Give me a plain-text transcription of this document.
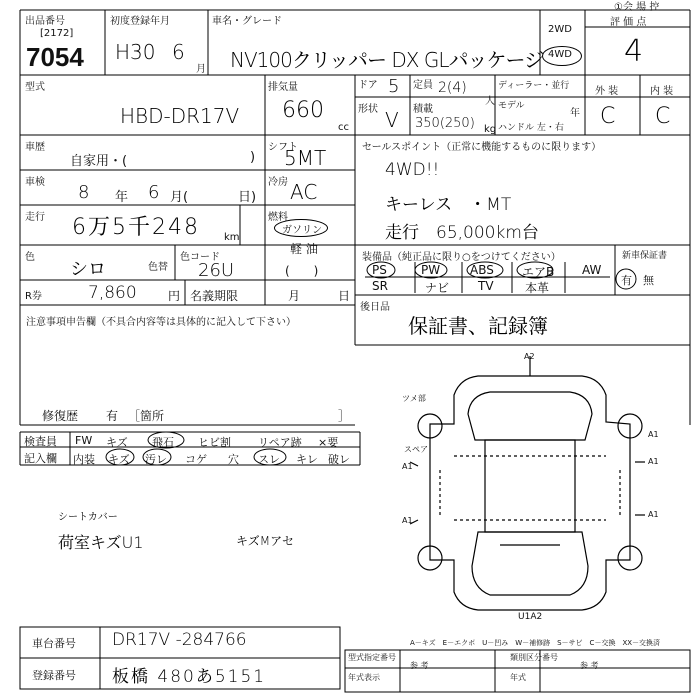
①会 場 控
出品番号
[2172]
7054
初度登録年月
H30 6
月
車名・グレード
NV100クリッパー DX GLパッケージ
2WD
4WD
評 価 点
4
型式
HBD-DR17V
排気量
660
cc
ドア 5 定員 2(4)
人
ディーラー・並行
モデル
年
形状 V 積載
350(250) kg ハンドル 左・右
外 装	内 装
C C
車歴
自家用・(	)
シフト
5MT	セールスポイント（正常に機能するものに限ります）
4WD!!
キーレス　・MT
走行　65,000km台
車検 8 年 6 月(	日)
冷房 AC
走行 6万5千248 km
燃料
ガソリン
軽 油
(　　)
色
シロ	色替
色コード
26U
装備品（純正品に限り○をつけてください）
PS	PW ABS エアB AW
SR	ナビ TV	本革
新車保証書
有 無
R券	7,860	円 名義期限	月	日
後日品
保証書、記録簿
注意事項申告欄（不具合内容等は具体的に記入して下さい）
修復歴 有 ［箇所	］
検査員
記入欄
FW キズ 飛石 ヒビ割 リペア跡 ×要
内装 キズ 汚レ コゲ 穴 スレ キレ 破レ
シートカバー
荷室キズU1	キズMアセ
A2
ツメ部
スペア
A1
A1
A1
A1
A1
U1A2
A－キズ　E－エクボ　U－凹み　W－補修跡　S－サビ　C－交換　XX－交換済
車台番号 DR17V -284766
登録番号 板橋 480あ5151
型式指定番号
参 考
類別区分番号
参 考
年式表示	年式
